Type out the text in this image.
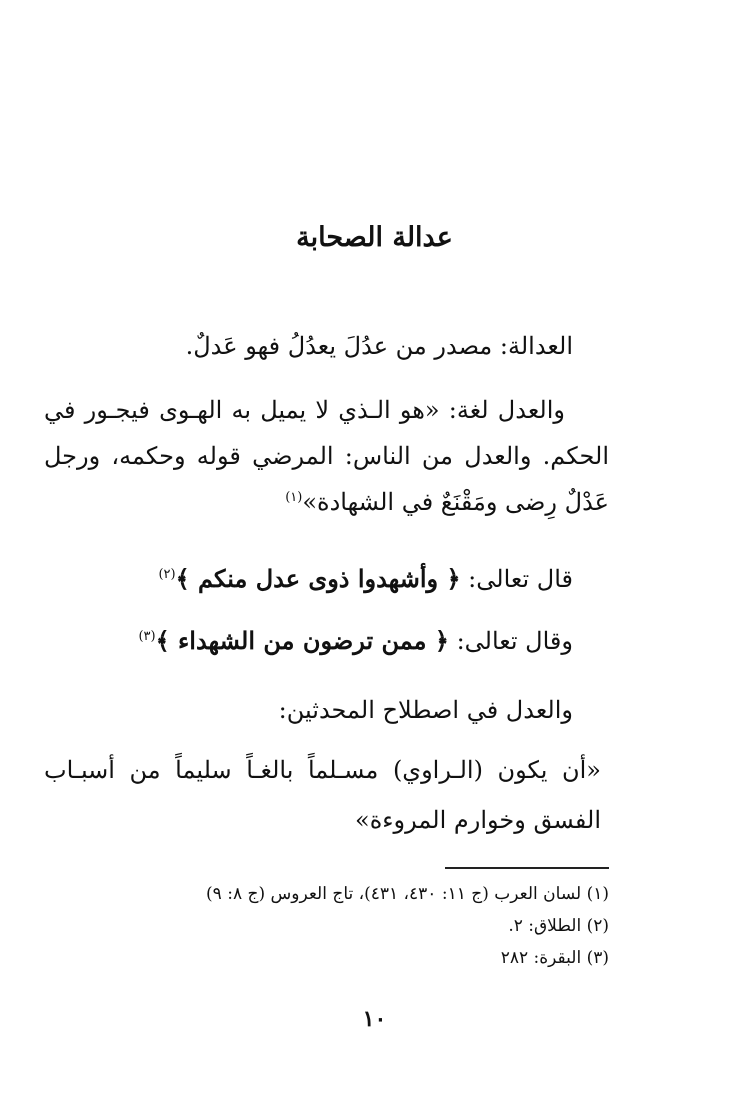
عدالة الصحابة
العدالة: مصدر من عدُلَ يعدُلُ فهو عَدلٌ.
والعدل لغة: «هو الـذي لا يميل به الهـوى فيجـور في
الحكم. والعدل من الناس: المرضي قوله وحكمه، ورجل
عَدْلٌ رِضى ومَقْنَعٌ في الشهادة»$^{(١)}$
قال تعالى: ﴿ وأشهدوا ذوى عدل منكم ﴾$^{(٢)}$
وقال تعالى: ﴿ ممن ترضون من الشهداء ﴾$^{(٣)}$
والعدل في اصطلاح المحدثين:
«أن يكون (الـراوي) مسـلماً بالغـاً سليماً من أسبـاب
الفسق وخوارم المروءة»
(١) لسان العرب (ج ١١: ٤٣٠، ٤٣١)، تاج العروس (ج ٨: ٩)
(٢) الطلاق: ٢.
(٣) البقرة: ٢٨٢
١٠
